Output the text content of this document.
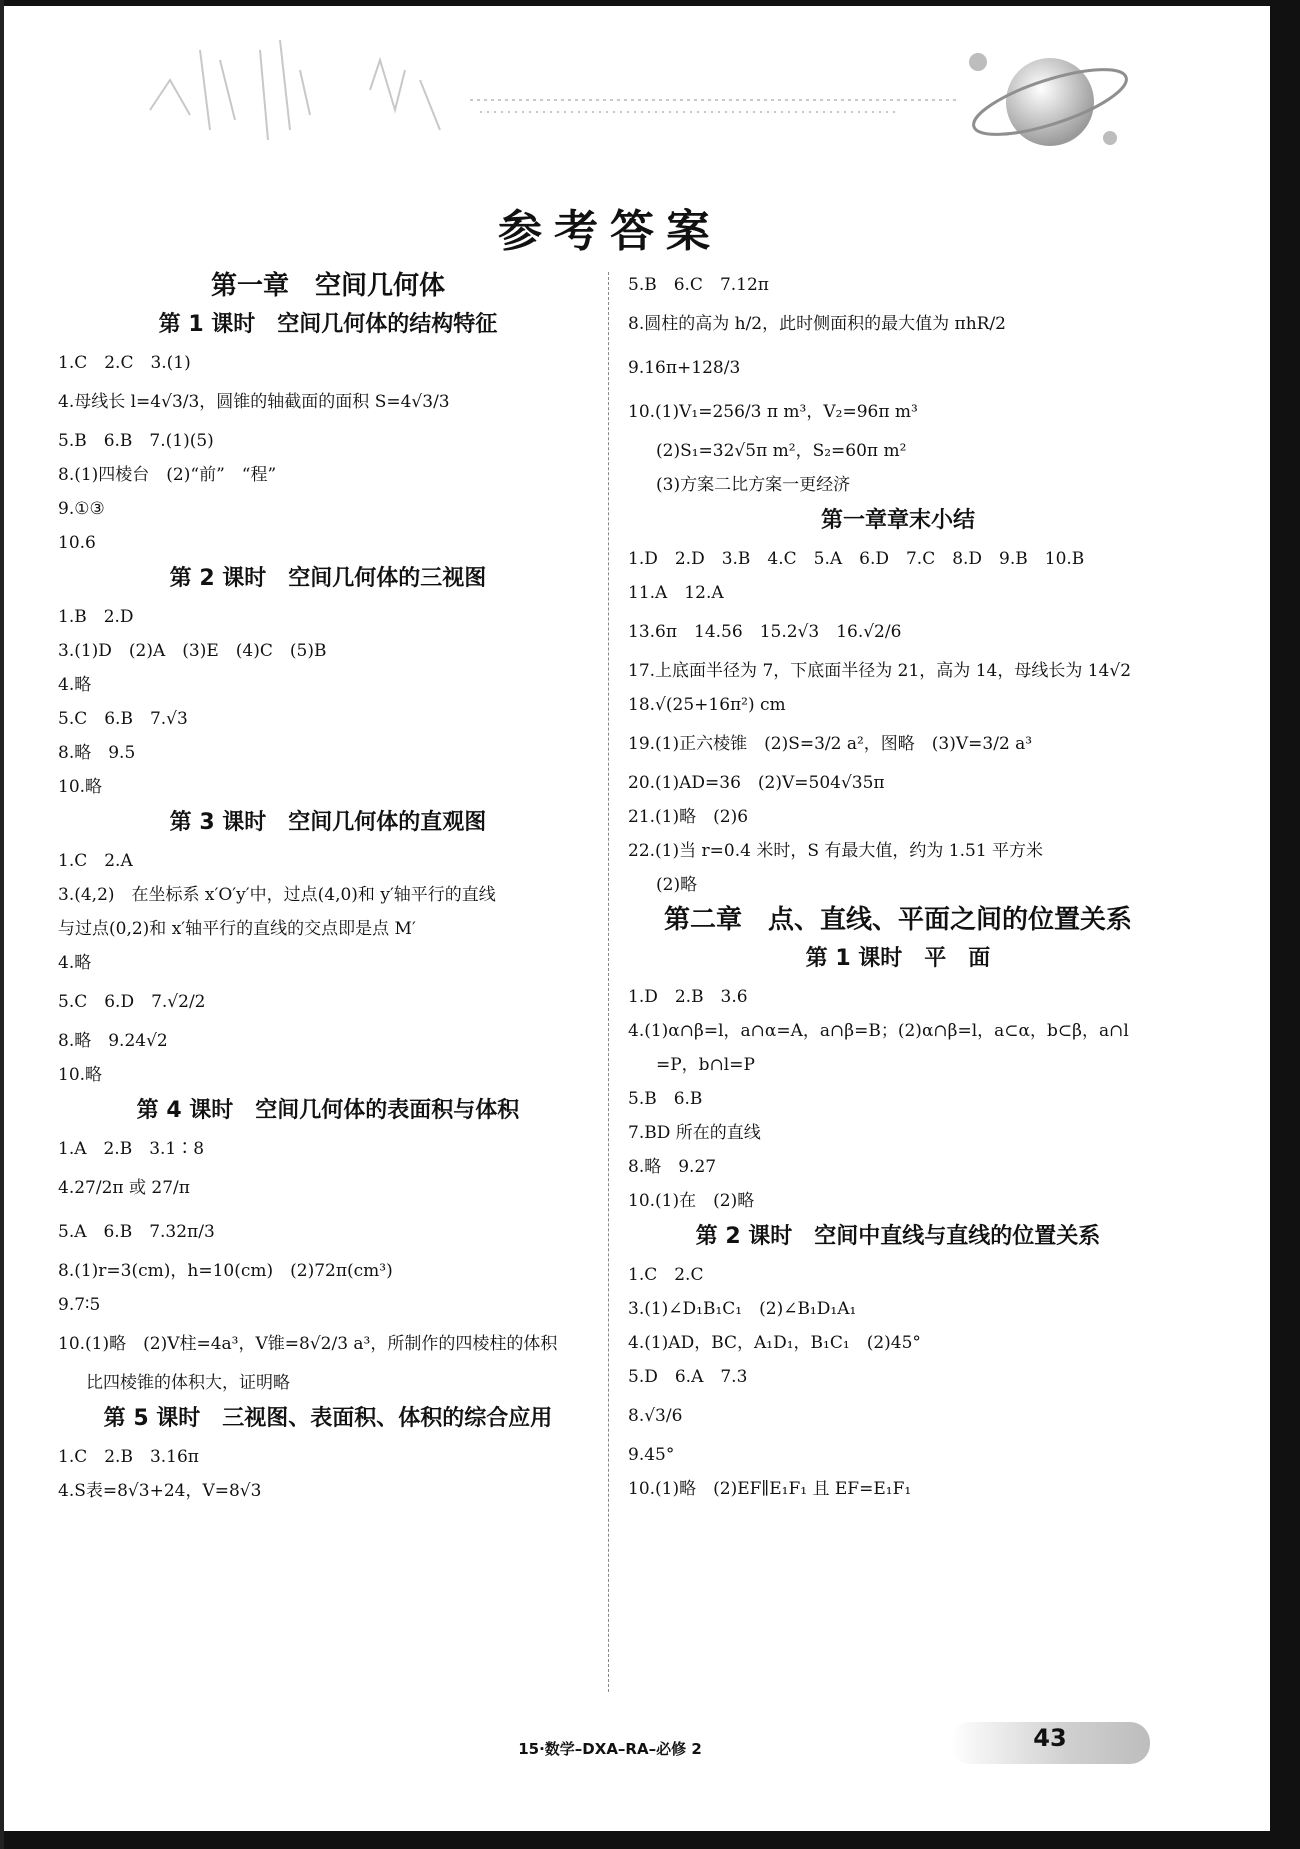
参考答案
第一章　空间几何体
第 1 课时　空间几何体的结构特征
1.C　2.C　3.(1)
4.母线长 l=4√3/3，圆锥的轴截面的面积 S=4√3/3
5.B　6.B　7.(1)(5)
8.(1)四棱台　(2)“前”　“程”
9.①③
10.6
第 2 课时　空间几何体的三视图
1.B　2.D
3.(1)D　(2)A　(3)E　(4)C　(5)B
4.略
5.C　6.B　7.√3
8.略　9.5
10.略
第 3 课时　空间几何体的直观图
1.C　2.A
3.(4,2)　在坐标系 x′O′y′中，过点(4,0)和 y′轴平行的直线
与过点(0,2)和 x′轴平行的直线的交点即是点 M′
4.略
5.C　6.D　7.√2/2
8.略　9.24√2
10.略
第 4 课时　空间几何体的表面积与体积
1.A　2.B　3.1∶8
4.27/2π 或 27/π
5.A　6.B　7.32π/3
8.(1)r=3(cm)，h=10(cm)　(2)72π(cm³)
9.7∶5
10.(1)略　(2)V柱=4a³，V锥=8√2/3 a³，所制作的四棱柱的体积
比四棱锥的体积大，证明略
第 5 课时　三视图、表面积、体积的综合应用
1.C　2.B　3.16π
4.S表=8√3+24，V=8√3
5.B　6.C　7.12π
8.圆柱的高为 h/2，此时侧面积的最大值为 πhR/2
9.16π+128/3
10.(1)V₁=256/3 π m³，V₂=96π m³
(2)S₁=32√5π m²，S₂=60π m²
(3)方案二比方案一更经济
第一章章末小结
1.D　2.D　3.B　4.C　5.A　6.D　7.C　8.D　9.B　10.B
11.A　12.A
13.6π　14.56　15.2√3　16.√2/6
17.上底面半径为 7，下底面半径为 21，高为 14，母线长为 14√2
18.√(25+16π²) cm
19.(1)正六棱锥　(2)S=3/2 a²，图略　(3)V=3/2 a³
20.(1)AD=36　(2)V=504√35π
21.(1)略　(2)6
22.(1)当 r=0.4 米时，S 有最大值，约为 1.51 平方米
(2)略
第二章　点、直线、平面之间的位置关系
第 1 课时　平　面
1.D　2.B　3.6
4.(1)α∩β=l，a∩α=A，a∩β=B；(2)α∩β=l，a⊂α，b⊂β，a∩l
=P，b∩l=P
5.B　6.B
7.BD 所在的直线
8.略　9.27
10.(1)在　(2)略
第 2 课时　空间中直线与直线的位置关系
1.C　2.C
3.(1)∠D₁B₁C₁　(2)∠B₁D₁A₁
4.(1)AD，BC，A₁D₁，B₁C₁　(2)45°
5.D　6.A　7.3
8.√3/6
9.45°
10.(1)略　(2)EF∥E₁F₁ 且 EF=E₁F₁
43
15·数学–DXA–RA–必修 2
